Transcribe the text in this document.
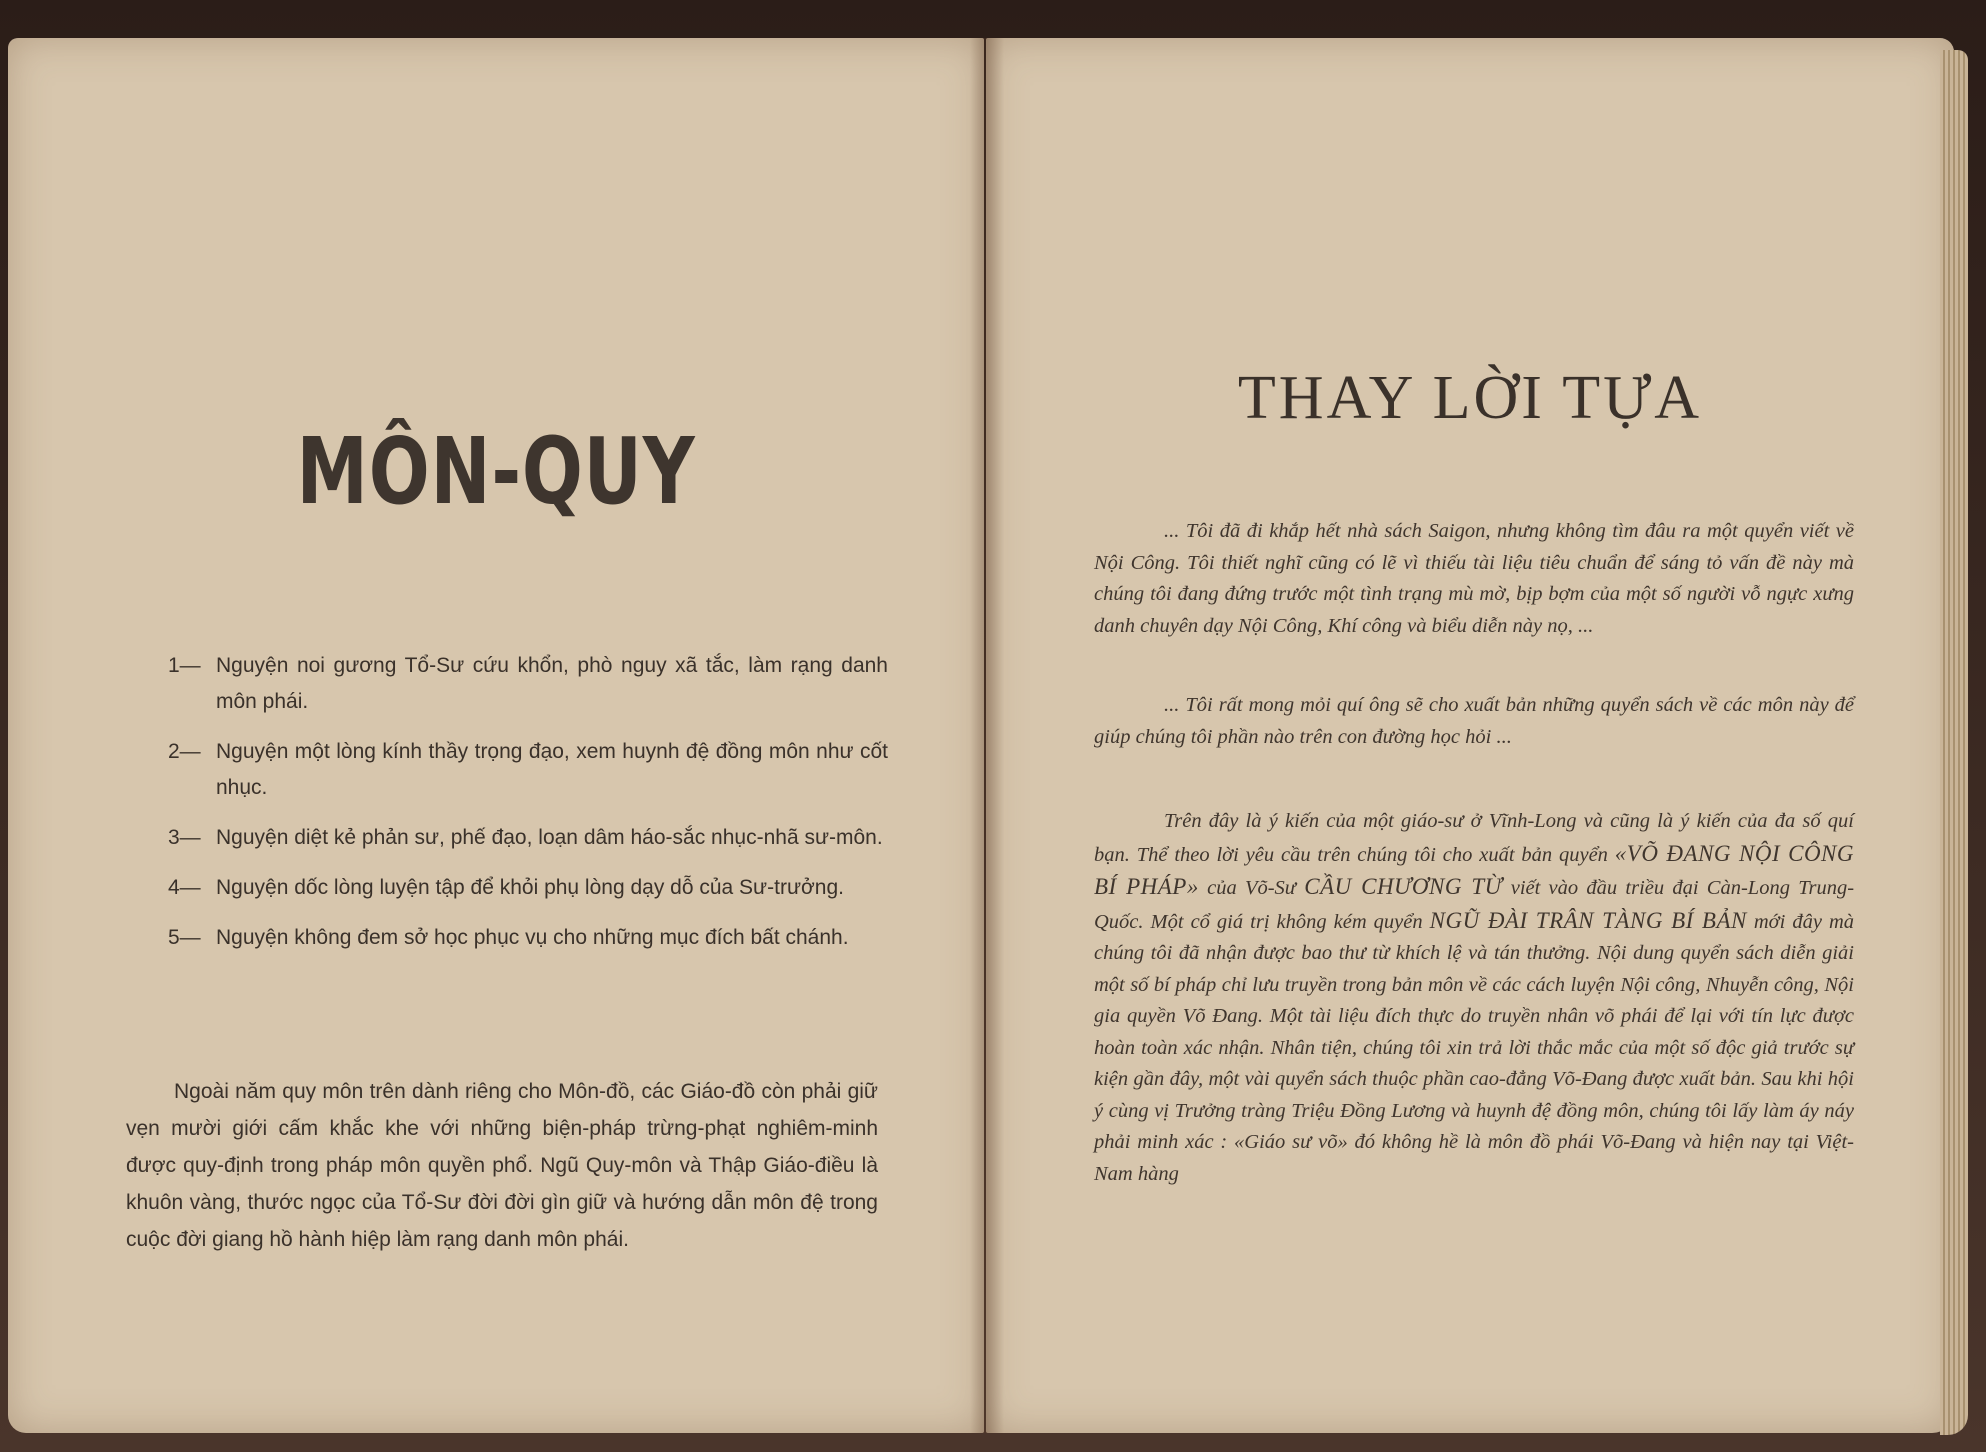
MÔN-QUY
1— Nguyện noi gương Tổ-Sư cứu khổn, phò nguy xã tắc, làm rạng danh môn phái.
2— Nguyện một lòng kính thầy trọng đạo, xem huynh đệ đồng môn như cốt nhục.
3— Nguyện diệt kẻ phản sư, phế đạo, loạn dâm háo-sắc nhục-nhã sư-môn.
4— Nguyện dốc lòng luyện tập để khỏi phụ lòng dạy dỗ của Sư-trưởng.
5— Nguyện không đem sở học phục vụ cho những mục đích bất chánh.
Ngoài năm quy môn trên dành riêng cho Môn-đồ, các Giáo-đồ còn phải giữ vẹn mười giới cấm khắc khe với những biện-pháp trừng-phạt nghiêm-minh được quy-định trong pháp môn quyền phổ. Ngũ Quy-môn và Thập Giáo-điều là khuôn vàng, thước ngọc của Tổ-Sư đời đời gìn giữ và hướng dẫn môn đệ trong cuộc đời giang hồ hành hiệp làm rạng danh môn phái.
THAY LỜI TỰA
... Tôi đã đi khắp hết nhà sách Saigon, nhưng không tìm đâu ra một quyển viết về Nội Công. Tôi thiết nghĩ cũng có lẽ vì thiếu tài liệu tiêu chuẩn để sáng tỏ vấn đề này mà chúng tôi đang đứng trước một tình trạng mù mờ, bịp bợm của một số người vỗ ngực xưng danh chuyên dạy Nội Công, Khí công và biểu diễn này nọ, ...
... Tôi rất mong mỏi quí ông sẽ cho xuất bản những quyển sách về các môn này để giúp chúng tôi phần nào trên con đường học hỏi ...
Trên đây là ý kiến của một giáo-sư ở Vĩnh-Long và cũng là ý kiến của đa số quí bạn. Thể theo lời yêu cầu trên chúng tôi cho xuất bản quyển «VÕ ĐANG NỘI CÔNG BÍ PHÁP» của Võ-Sư CẦU CHƯƠNG TỪ viết vào đầu triều đại Càn-Long Trung-Quốc. Một cổ giá trị không kém quyển NGŨ ĐÀI TRÂN TÀNG BÍ BẢN mới đây mà chúng tôi đã nhận được bao thư từ khích lệ và tán thưởng. Nội dung quyển sách diễn giải một số bí pháp chỉ lưu truyền trong bản môn về các cách luyện Nội công, Nhuyễn công, Nội gia quyền Võ Đang. Một tài liệu đích thực do truyền nhân võ phái để lại với tín lực được hoàn toàn xác nhận. Nhân tiện, chúng tôi xin trả lời thắc mắc của một số độc giả trước sự kiện gần đây, một vài quyển sách thuộc phần cao-đẳng Võ-Đang được xuất bản. Sau khi hội ý cùng vị Trưởng tràng Triệu Đồng Lương và huynh đệ đồng môn, chúng tôi lấy làm áy náy phải minh xác : «Giáo sư võ» đó không hề là môn đồ phái Võ-Đang và hiện nay tại Việt-Nam hàng
